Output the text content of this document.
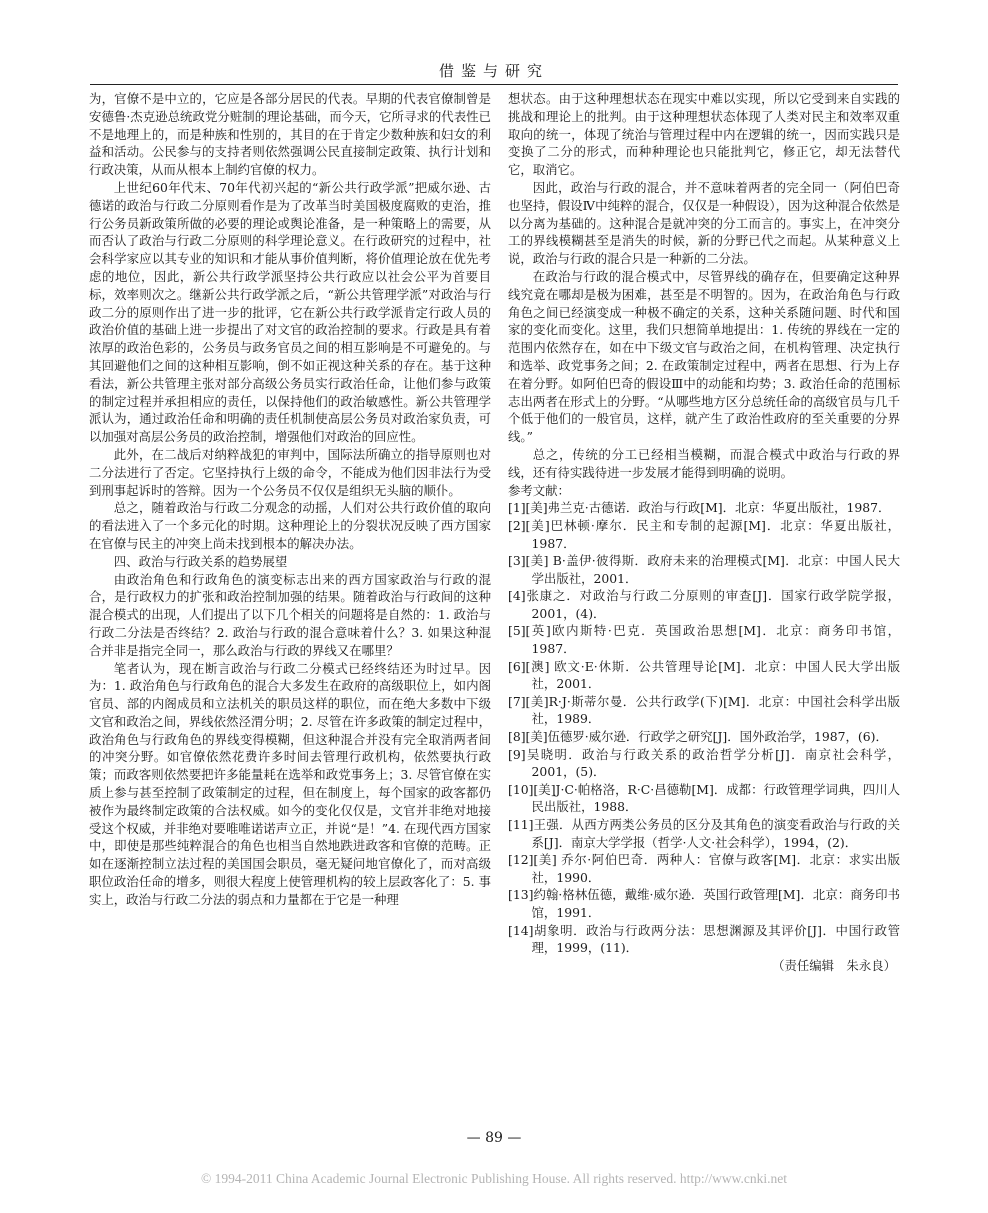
借鉴与研究

为，官僚不是中立的，它应是各部分居民的代表。早期的代表官僚制曾是安德鲁·杰克逊总统政党分赃制的理论基础，而今天，它所寻求的代表性已不是地理上的，而是种族和性别的，其目的在于肯定少数种族和妇女的利益和活动。公民参与的支持者则依然强调公民直接制定政策、执行计划和行政决策，从而从根本上制约官僚的权力。

上世纪60年代末、70年代初兴起的“新公共行政学派”把威尔逊、古德诺的政治与行政二分原则看作是为了改革当时美国极度腐败的吏治，推行公务员新政策所做的必要的理论或舆论准备，是一种策略上的需要，从而否认了政治与行政二分原则的科学理论意义。在行政研究的过程中，社会科学家应以其专业的知识和才能从事价值判断，将价值理论放在优先考虑的地位，因此，新公共行政学派坚持公共行政应以社会公平为首要目标，效率则次之。继新公共行政学派之后，“新公共管理学派”对政治与行政二分的原则作出了进一步的批评，它在新公共行政学派肯定行政人员的政治价值的基础上进一步提出了对文官的政治控制的要求。行政是具有着浓厚的政治色彩的，公务员与政务官员之间的相互影响是不可避免的。与其回避他们之间的这种相互影响，倒不如正视这种关系的存在。基于这种看法，新公共管理主张对部分高级公务员实行政治任命，让他们参与政策的制定过程并承担相应的责任，以保持他们的政治敏感性。新公共管理学派认为，通过政治任命和明确的责任机制使高层公务员对政治家负责，可以加强对高层公务员的政治控制，增强他们对政治的回应性。

此外，在二战后对纳粹战犯的审判中，国际法所确立的指导原则也对二分法进行了否定。它坚持执行上级的命令，不能成为他们因非法行为受到刑事起诉时的答辩。因为一个公务员不仅仅是组织无头脑的顺仆。

总之，随着政治与行政二分观念的动摇，人们对公共行政价值的取向的看法进入了一个多元化的时期。这种理论上的分裂状况反映了西方国家在官僚与民主的冲突上尚未找到根本的解决办法。

四、政治与行政关系的趋势展望

由政治角色和行政角色的演变标志出来的西方国家政治与行政的混合，是行政权力的扩张和政治控制加强的结果。随着政治与行政间的这种混合模式的出现，人们提出了以下几个相关的问题将是自然的：1. 政治与行政二分法是否终结？2. 政治与行政的混合意味着什么？3. 如果这种混合并非是指完全同一，那么政治与行政的界线又在哪里？

笔者认为，现在断言政治与行政二分模式已经终结还为时过早。因为：1. 政治角色与行政角色的混合大多发生在政府的高级职位上，如内阁官员、部的内阁成员和立法机关的职员这样的职位，而在绝大多数中下级文官和政治之间，界线依然泾渭分明；2. 尽管在许多政策的制定过程中，政治角色与行政角色的界线变得模糊，但这种混合并没有完全取消两者间的冲突分野。如官僚依然花费许多时间去管理行政机构，依然要执行政策；而政客则依然要把许多能量耗在选举和政党事务上；3. 尽管官僚在实质上参与甚至控制了政策制定的过程，但在制度上，每个国家的政客都仍被作为最终制定政策的合法权威。如今的变化仅仅是，文官并非绝对地接受这个权威，并非绝对要唯唯诺诺声立正，并说“是！”4. 在现代西方国家中，即使是那些纯粹混合的角色也相当自然地跌进政客和官僚的范畴。正如在逐渐控制立法过程的美国国会职员，毫无疑问地官僚化了，而对高级职位政治任命的增多，则很大程度上使管理机构的较上层政客化了：5. 事实上，政治与行政二分法的弱点和力量都在于它是一种理

想状态。由于这种理想状态在现实中难以实现，所以它受到来自实践的挑战和理论上的批判。由于这种理想状态体现了人类对民主和效率双重取向的统一，体现了统治与管理过程中内在逻辑的统一，因而实践只是变换了二分的形式，而种种理论也只能批判它，修正它，却无法替代它，取消它。

因此，政治与行政的混合，并不意味着两者的完全同一（阿伯巴奇也坚持，假设Ⅳ中纯粹的混合，仅仅是一种假设），因为这种混合依然是以分离为基础的。这种混合是就冲突的分工而言的。事实上，在冲突分工的界线模糊甚至是消失的时候，新的分野已代之而起。从某种意义上说，政治与行政的混合只是一种新的二分法。

在政治与行政的混合模式中，尽管界线的确存在，但要确定这种界线究竟在哪却是极为困难，甚至是不明智的。因为，在政治角色与行政角色之间已经演变成一种极不确定的关系，这种关系随问题、时代和国家的变化而变化。这里，我们只想简单地提出：1. 传统的界线在一定的范围内依然存在，如在中下级文官与政治之间，在机构管理、决定执行和选举、政党事务之间；2. 在政策制定过程中，两者在思想、行为上存在着分野。如阿伯巴奇的假设Ⅲ中的动能和均势；3. 政治任命的范围标志出两者在形式上的分野。“从哪些地方区分总统任命的高级官员与几千个低于他们的一般官员，这样，就产生了政治性政府的至关重要的分界线。”

总之，传统的分工已经相当模糊，而混合模式中政治与行政的界线，还有待实践待进一步发展才能得到明确的说明。

参考文献：

[1][美]弗兰克·古德诺．政治与行政[M]．北京：华夏出版社，1987．
[2][美]巴林顿·摩尔．民主和专制的起源[M]．北京：华夏出版社，1987．
[3][美] B·盖伊·彼得斯．政府未来的治理模式[M]．北京：中国人民大学出版社，2001．
[4]张康之．对政治与行政二分原则的审查[J]．国家行政学院学报，2001，(4)．
[5][英]欧内斯特·巴克．英国政治思想[M]．北京：商务印书馆，1987．
[6][澳] 欧文·E·休斯．公共管理导论[M]．北京：中国人民大学出版社，2001．
[7][美]R·J·斯蒂尔曼．公共行政学(下)[M]．北京：中国社会科学出版社，1989．
[8][美]伍德罗·威尔逊．行政学之研究[J]．国外政治学，1987，(6)．
[9]吴晓明．政治与行政关系的政治哲学分析[J]．南京社会科学，2001，(5)．
[10][美]J·C·帕格洛，R·C·昌德勒[M]．成都：行政管理学词典，四川人民出版社，1988．
[11]王强．从西方两类公务员的区分及其角色的演变看政治与行政的关系[J]．南京大学学报（哲学·人文·社会科学），1994，(2)．
[12][美] 乔尔·阿伯巴奇．两种人：官僚与政客[M]．北京：求实出版社，1990．
[13]约翰·格林伍德，戴维·威尔逊．英国行政管理[M]．北京：商务印书馆，1991．
[14]胡象明．政治与行政两分法：思想渊源及其评价[J]．中国行政管理，1999，(11)．

（责任编辑　朱永良）

— 89 —
© 1994-2011 China Academic Journal Electronic Publishing House. All rights reserved. http://www.cnki.net
